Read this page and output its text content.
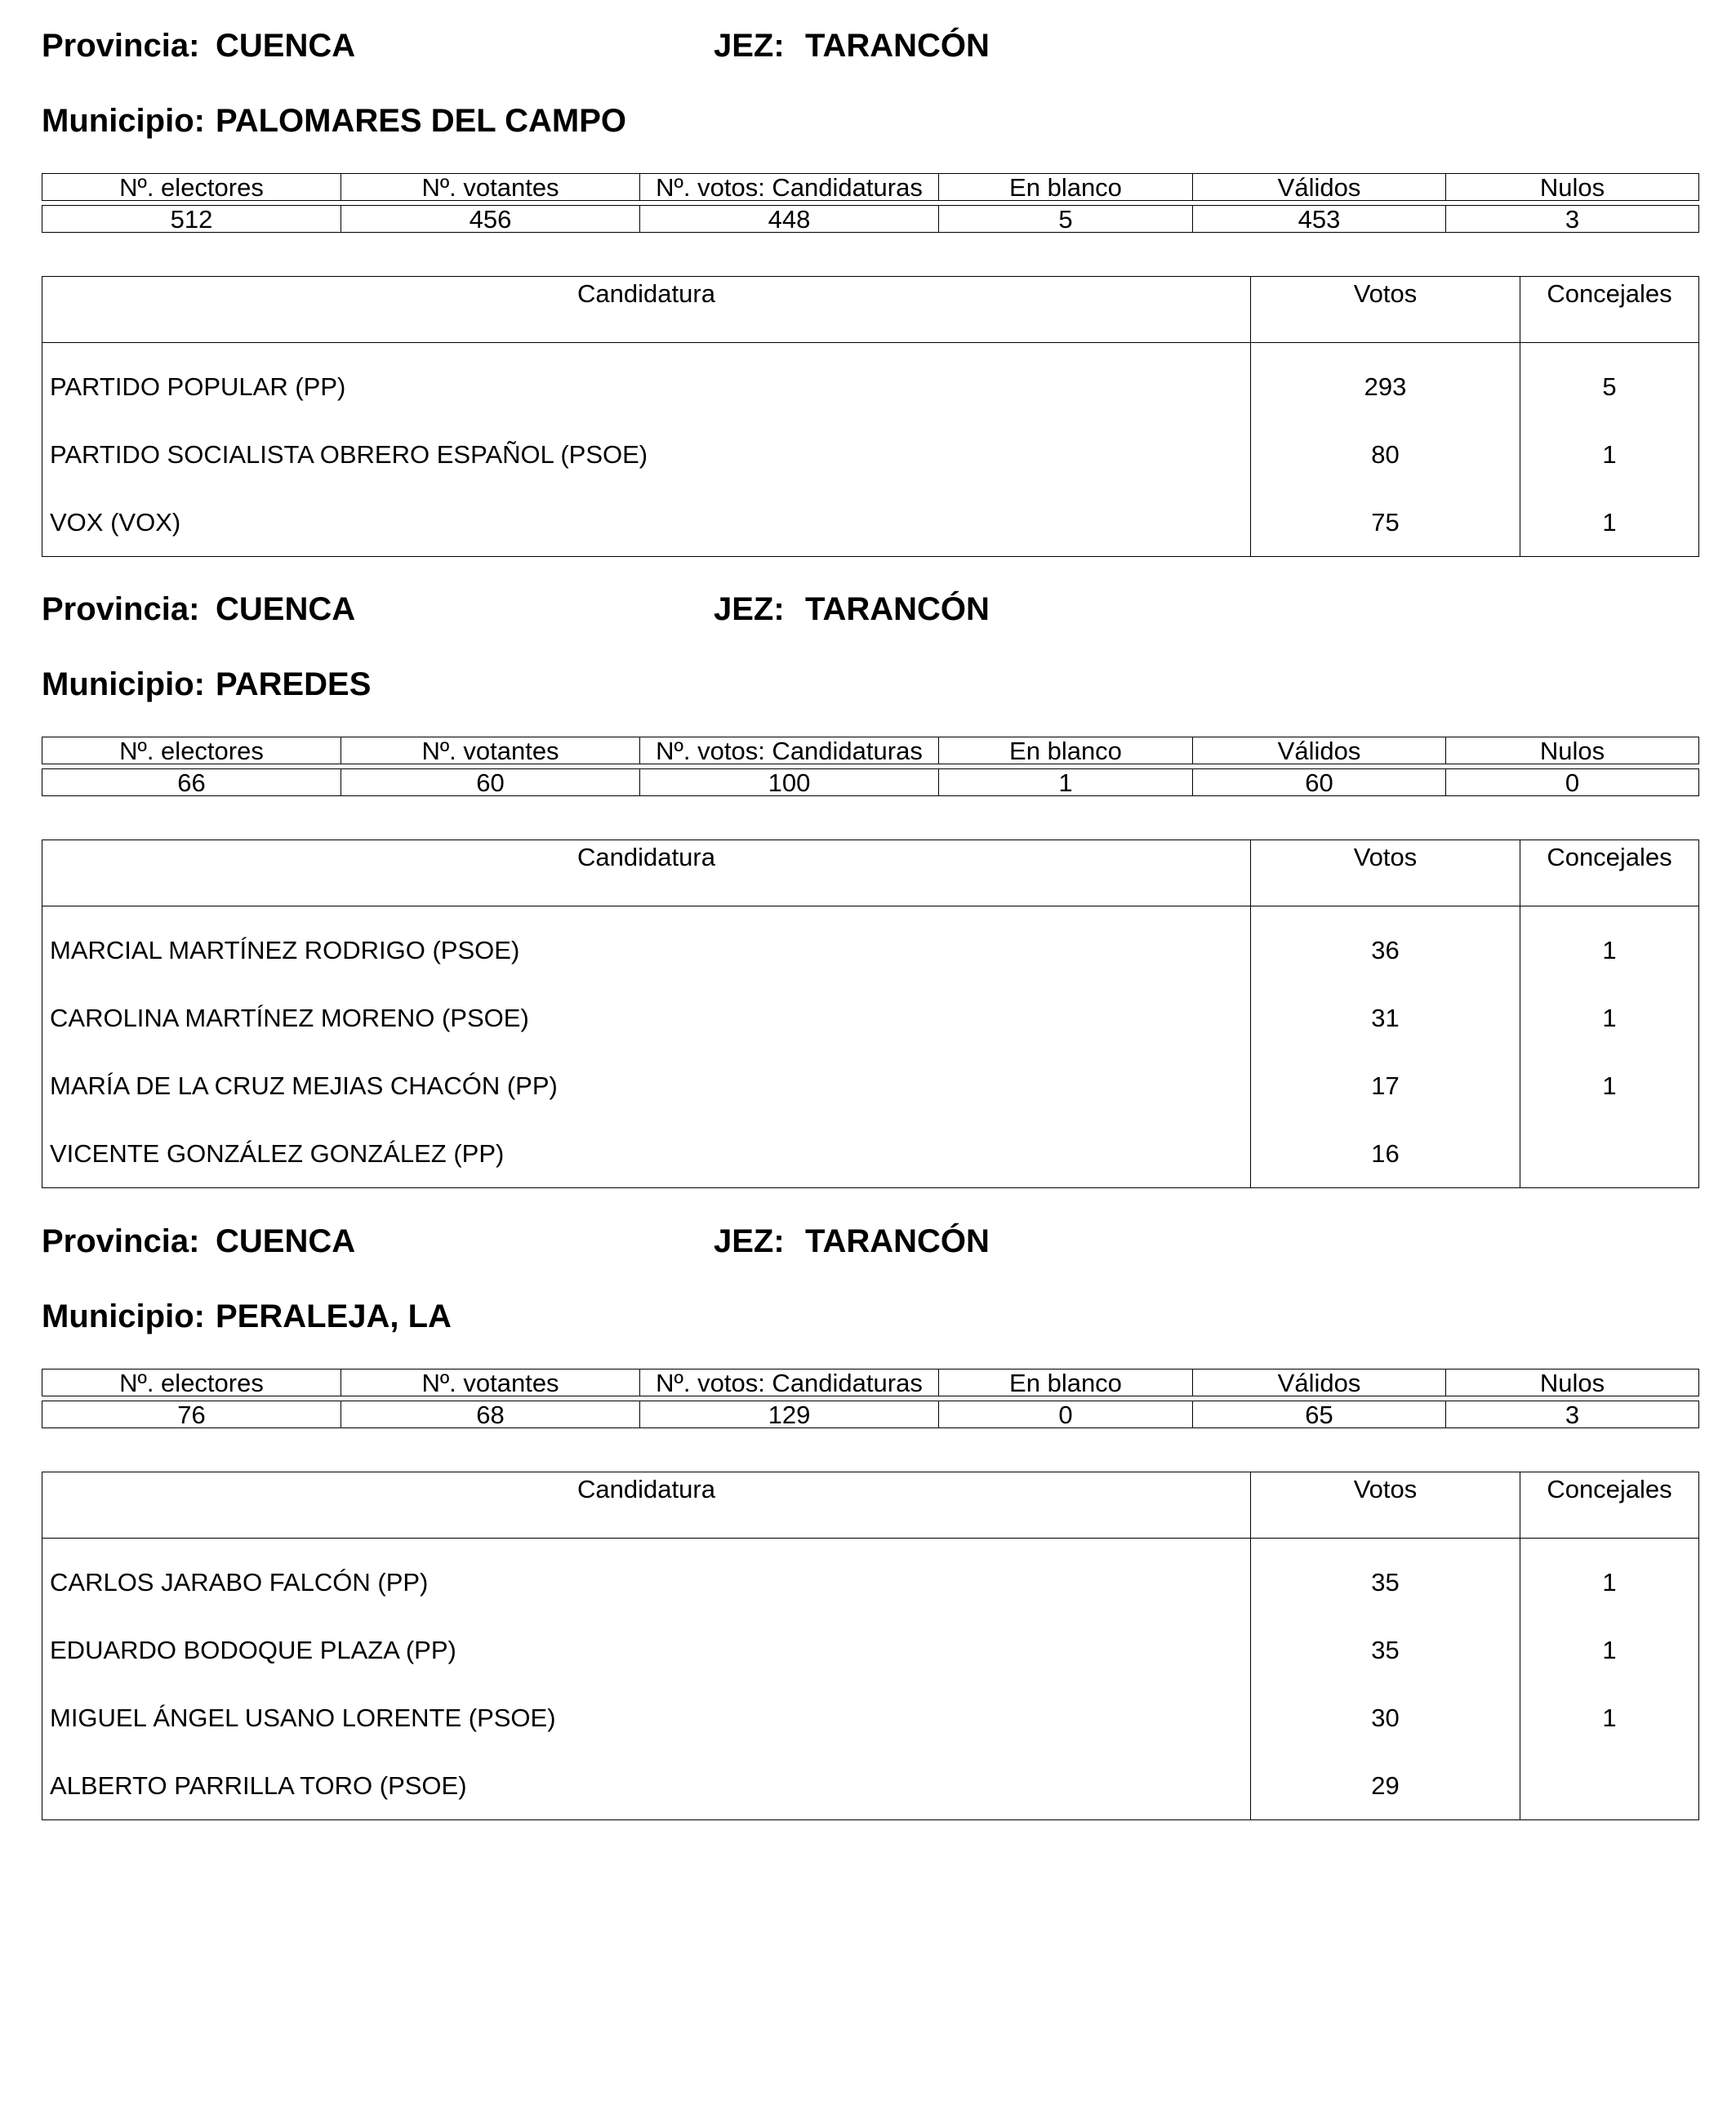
Provincia: CUENCA	JEZ: TARANCÓN
Municipio: PALOMARES DEL CAMPO
Nº. electores	Nº. votantes	Nº. votos: Candidaturas	En blanco	Válidos	Nulos

512	456	448	5	453	3
Candidatura	Votos	Concejales
PARTIDO POPULAR (PP)	293	5
PARTIDO SOCIALISTA OBRERO ESPAÑOL (PSOE)	80	1
VOX (VOX)	75	1
Provincia: CUENCA	JEZ: TARANCÓN
Municipio: PAREDES
Nº. electores	Nº. votantes	Nº. votos: Candidaturas	En blanco	Válidos	Nulos

66	60	100	1	60	0
Candidatura	Votos	Concejales
MARCIAL MARTÍNEZ RODRIGO (PSOE)	36	1
CAROLINA MARTÍNEZ MORENO (PSOE)	31	1
MARÍA DE LA CRUZ MEJIAS CHACÓN (PP)	17	1
VICENTE GONZÁLEZ GONZÁLEZ (PP)	16	
Provincia: CUENCA	JEZ: TARANCÓN
Municipio: PERALEJA, LA
Nº. electores	Nº. votantes	Nº. votos: Candidaturas	En blanco	Válidos	Nulos

76	68	129	0	65	3
Candidatura	Votos	Concejales
CARLOS JARABO FALCÓN (PP)	35	1
EDUARDO BODOQUE PLAZA (PP)	35	1
MIGUEL ÁNGEL USANO LORENTE (PSOE)	30	1
ALBERTO PARRILLA TORO (PSOE)	29	
